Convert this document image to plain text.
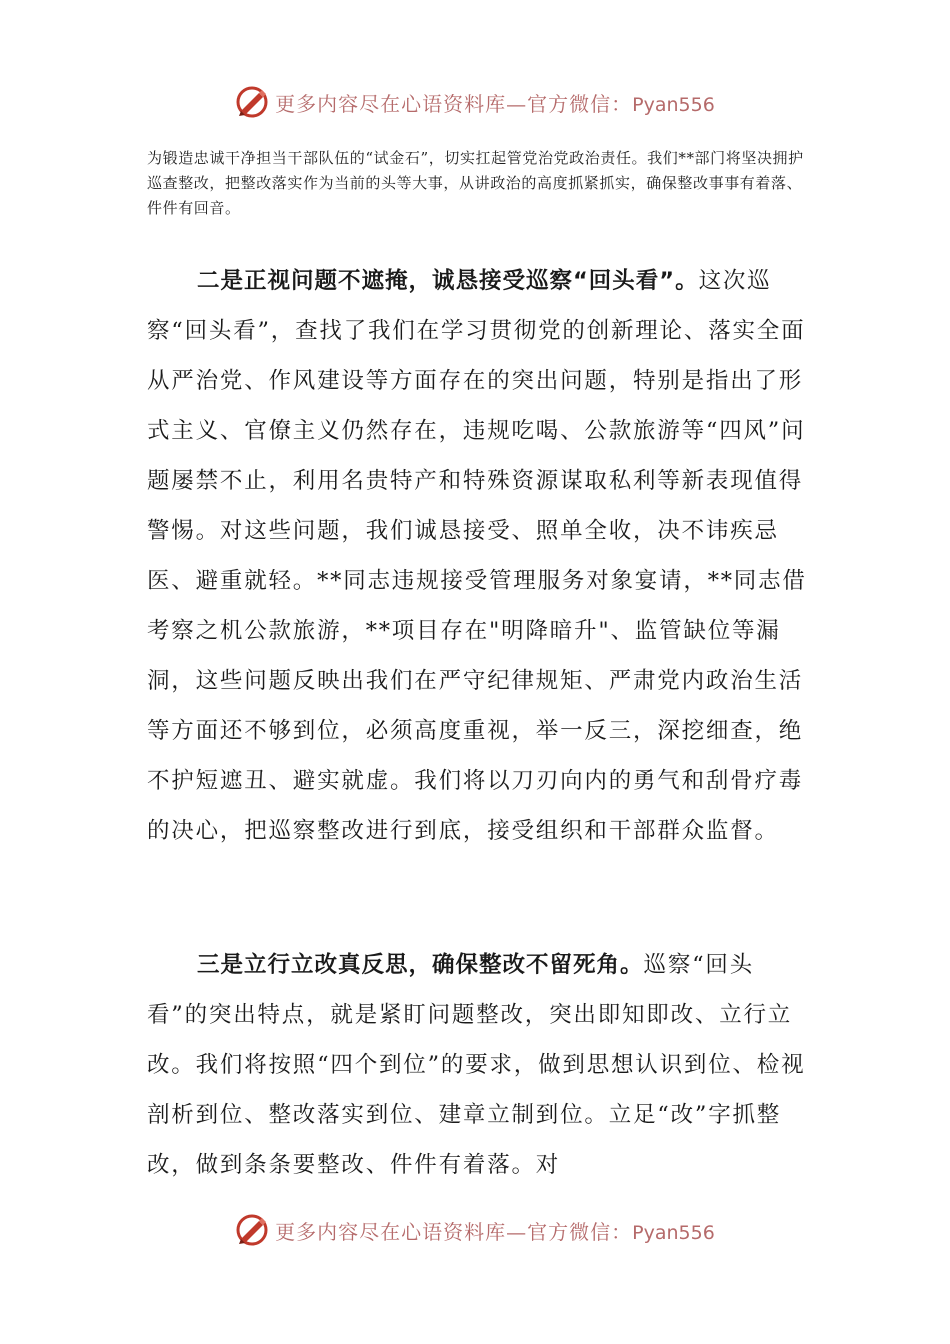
更多内容尽在心语资料库—官方微信：Pyan556

为锻造忠诚干净担当干部队伍的“试金石”，切实扛起管党治党政治责任。我们**部门将坚决拥护巡查整改，把整改落实作为当前的头等大事，从讲政治的高度抓紧抓实，确保整改事事有着落、件件有回音。

二是正视问题不遮掩，诚恳接受巡察“回头看”。这次巡察“回头看”，查找了我们在学习贯彻党的创新理论、落实全面从严治党、作风建设等方面存在的突出问题，特别是指出了形式主义、官僚主义仍然存在，违规吃喝、公款旅游等“四风”问题屡禁不止，利用名贵特产和特殊资源谋取私利等新表现值得警惕。对这些问题，我们诚恳接受、照单全收，决不讳疾忌医、避重就轻。**同志违规接受管理服务对象宴请，**同志借考察之机公款旅游，**项目存在"明降暗升"、监管缺位等漏洞，这些问题反映出我们在严守纪律规矩、严肃党内政治生活等方面还不够到位，必须高度重视，举一反三，深挖细查，绝不护短遮丑、避实就虚。我们将以刀刃向内的勇气和刮骨疗毒的决心，把巡察整改进行到底，接受组织和干部群众监督。

三是立行立改真反思，确保整改不留死角。巡察“回头看”的突出特点，就是紧盯问题整改，突出即知即改、立行立改。我们将按照“四个到位”的要求，做到思想认识到位、检视剖析到位、整改落实到位、建章立制到位。立足“改”字抓整改，做到条条要整改、件件有着落。对

更多内容尽在心语资料库—官方微信：Pyan556
